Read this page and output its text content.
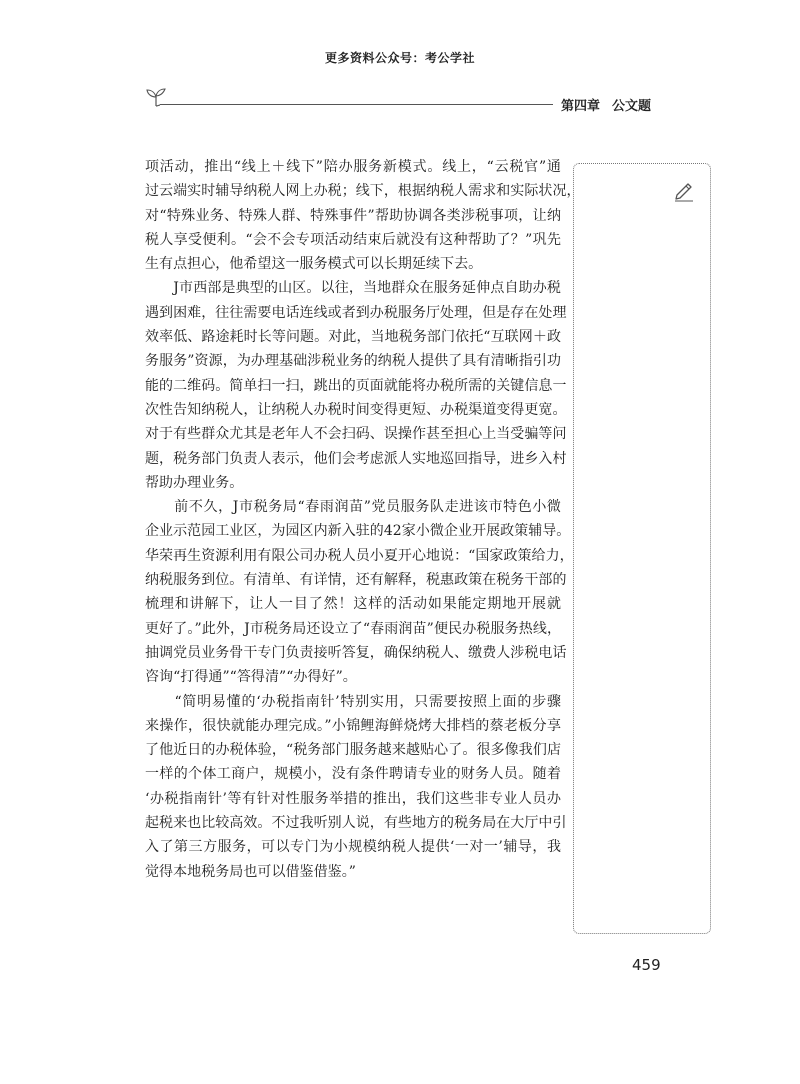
更多资料公众号：考公学社
第四章 公文题
项活动，推出“线上＋线下”陪办服务新模式。线上，“云税官”通
过云端实时辅导纳税人网上办税；线下，根据纳税人需求和实际状况，
对“特殊业务、特殊人群、特殊事件”帮助协调各类涉税事项，让纳
税人享受便利。“会不会专项活动结束后就没有这种帮助了？”巩先
生有点担心，他希望这一服务模式可以长期延续下去。
　　J市西部是典型的山区。以往，当地群众在服务延伸点自助办税
遇到困难，往往需要电话连线或者到办税服务厅处理，但是存在处理
效率低、路途耗时长等问题。对此，当地税务部门依托“互联网＋政
务服务”资源，为办理基础涉税业务的纳税人提供了具有清晰指引功
能的二维码。简单扫一扫，跳出的页面就能将办税所需的关键信息一
次性告知纳税人，让纳税人办税时间变得更短、办税渠道变得更宽。
对于有些群众尤其是老年人不会扫码、误操作甚至担心上当受骗等问
题，税务部门负责人表示，他们会考虑派人实地巡回指导，进乡入村
帮助办理业务。
　　前不久，J市税务局“春雨润苗”党员服务队走进该市特色小微
企业示范园工业区，为园区内新入驻的42家小微企业开展政策辅导。
华荣再生资源利用有限公司办税人员小夏开心地说：“国家政策给力，
纳税服务到位。有清单、有详情，还有解释，税惠政策在税务干部的
梳理和讲解下，让人一目了然！这样的活动如果能定期地开展就
更好了。”此外，J市税务局还设立了“春雨润苗”便民办税服务热线，
抽调党员业务骨干专门负责接听答复，确保纳税人、缴费人涉税电话
咨询“打得通”“答得清”“办得好”。
　　“简明易懂的‘办税指南针’特别实用，只需要按照上面的步骤
来操作，很快就能办理完成。”小锦鲤海鲜烧烤大排档的蔡老板分享
了他近日的办税体验，“税务部门服务越来越贴心了。很多像我们店
一样的个体工商户，规模小，没有条件聘请专业的财务人员。随着
‘办税指南针’等有针对性服务举措的推出，我们这些非专业人员办
起税来也比较高效。不过我听别人说，有些地方的税务局在大厅中引
入了第三方服务，可以专门为小规模纳税人提供‘一对一’辅导，我
觉得本地税务局也可以借鉴借鉴。”
459
